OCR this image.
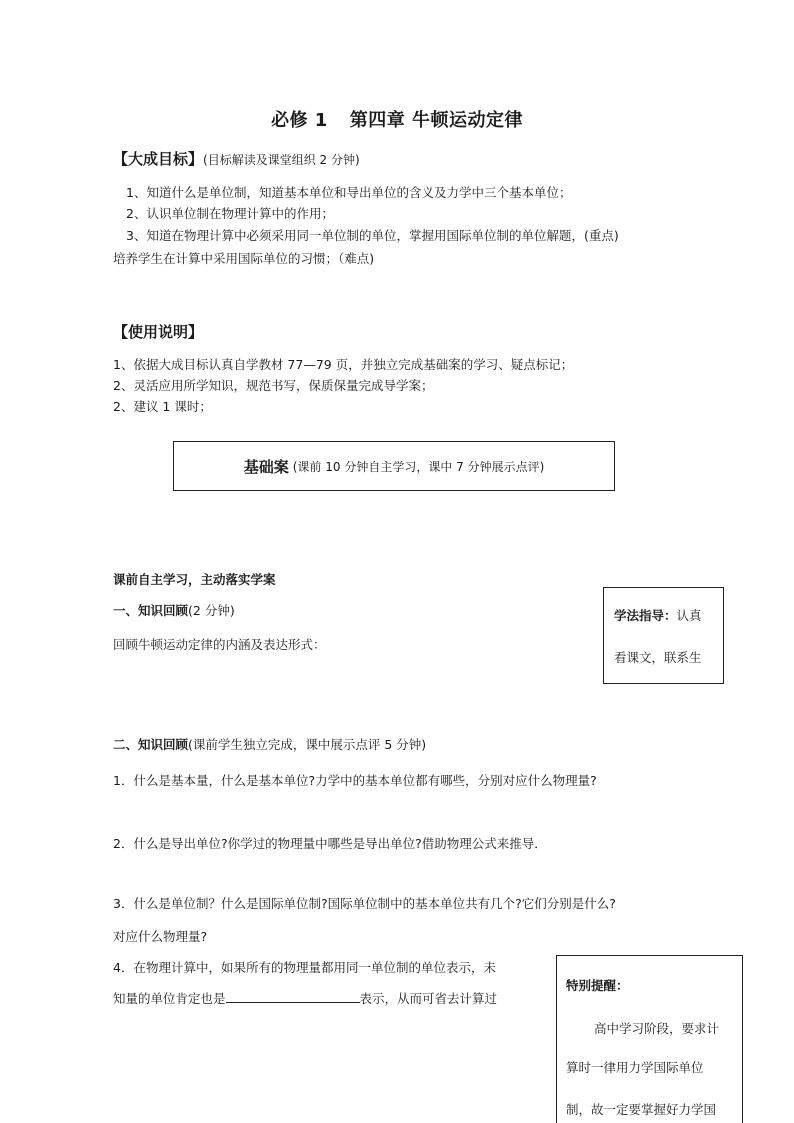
必修 1 第四章 牛顿运动定律
【大成目标】(目标解读及课堂组织 2 分钟)
1、知道什么是单位制，知道基本单位和导出单位的含义及力学中三个基本单位；
2、认识单位制在物理计算中的作用；
3、知道在物理计算中必须采用同一单位制的单位，掌握用国际单位制的单位解题，(重点)
培养学生在计算中采用国际单位的习惯；（难点)
【使用说明】
1、依据大成目标认真自学教材 77—79 页，并独立完成基础案的学习、疑点标记；
2、灵活应用所学知识，规范书写，保质保量完成导学案；
2、建议 1 课时；
基础案 (课前 10 分钟自主学习，课中 7 分钟展示点评)
课前自主学习，主动落实学案
一、知识回顾(2 分钟)
回顾牛顿运动定律的内涵及表达形式：
二、知识回顾(课前学生独立完成，课中展示点评 5 分钟)
1．什么是基本量，什么是基本单位?力学中的基本单位都有哪些，分别对应什么物理量?
2．什么是导出单位?你学过的物理量中哪些是导出单位?借助物理公式来推导．
3．什么是单位制？什么是国际单位制?国际单位制中的基本单位共有几个?它们分别是什么?
对应什么物理量?
4．在物理计算中，如果所有的物理量都用同一单位制的单位表示，未
知量的单位肯定也是	表示，从而可省去计算过
学法指导：认真
看课文，联系生
特别提醒：
高中学习阶段，要求计
算时一律用力学国际单位
制，故一定要掌握好力学国
